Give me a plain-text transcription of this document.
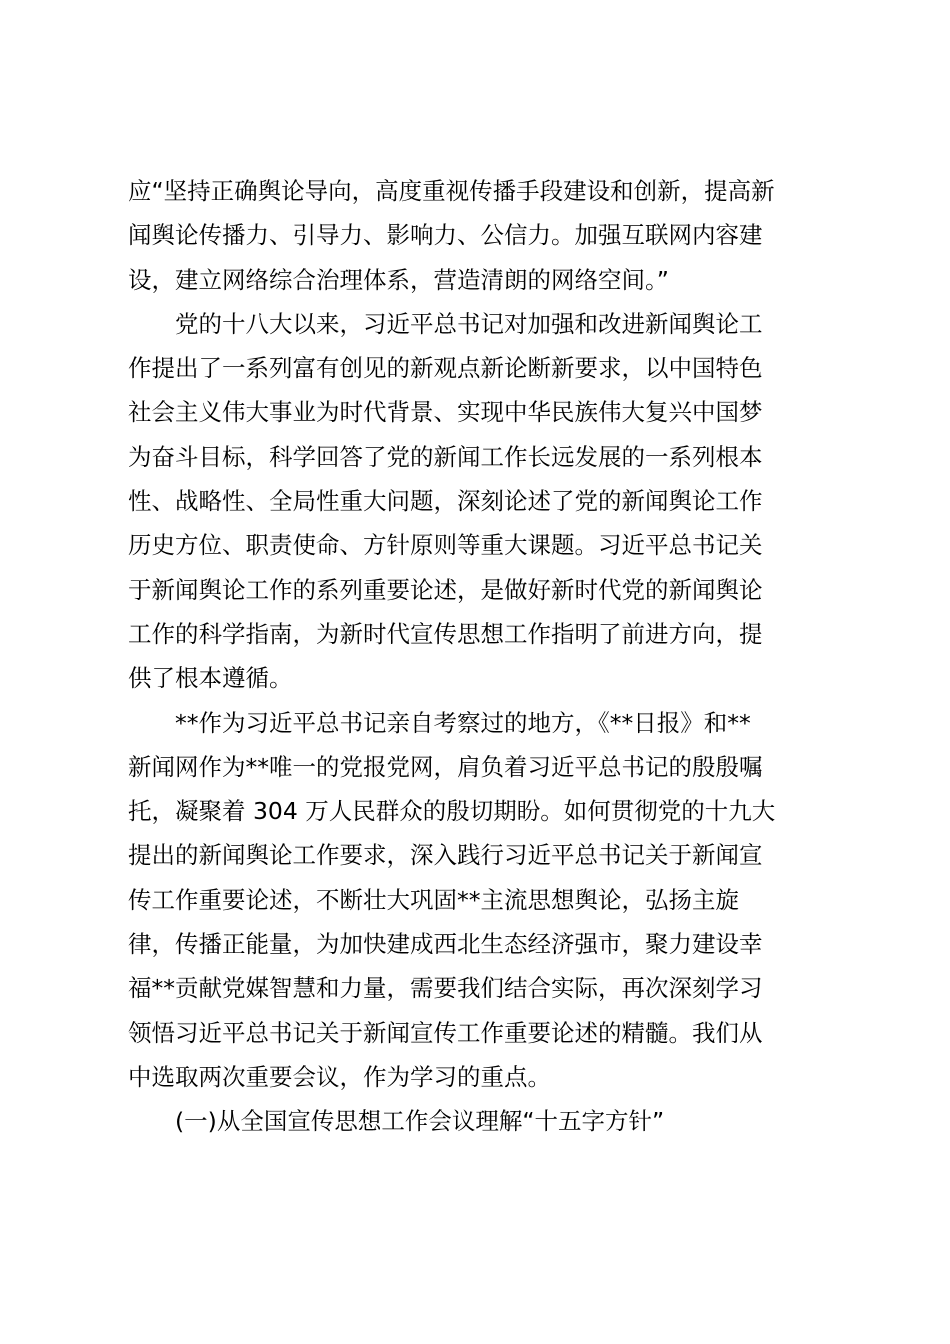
应“坚持正确舆论导向，高度重视传播手段建设和创新，提高新
闻舆论传播力、引导力、影响力、公信力。加强互联网内容建
设，建立网络综合治理体系，营造清朗的网络空间。”
党的十八大以来，习近平总书记对加强和改进新闻舆论工
作提出了一系列富有创见的新观点新论断新要求，以中国特色
社会主义伟大事业为时代背景、实现中华民族伟大复兴中国梦
为奋斗目标，科学回答了党的新闻工作长远发展的一系列根本
性、战略性、全局性重大问题，深刻论述了党的新闻舆论工作
历史方位、职责使命、方针原则等重大课题。习近平总书记关
于新闻舆论工作的系列重要论述，是做好新时代党的新闻舆论
工作的科学指南，为新时代宣传思想工作指明了前进方向，提
供了根本遵循。
**作为习近平总书记亲自考察过的地方，《**日报》和**
新闻网作为**唯一的党报党网，肩负着习近平总书记的殷殷嘱
托，凝聚着 304 万人民群众的殷切期盼。如何贯彻党的十九大
提出的新闻舆论工作要求，深入践行习近平总书记关于新闻宣
传工作重要论述，不断壮大巩固**主流思想舆论，弘扬主旋
律，传播正能量，为加快建成西北生态经济强市，聚力建设幸
福**贡献党媒智慧和力量，需要我们结合实际，再次深刻学习
领悟习近平总书记关于新闻宣传工作重要论述的精髓。我们从
中选取两次重要会议，作为学习的重点。
(一)从全国宣传思想工作会议理解“十五字方针”
